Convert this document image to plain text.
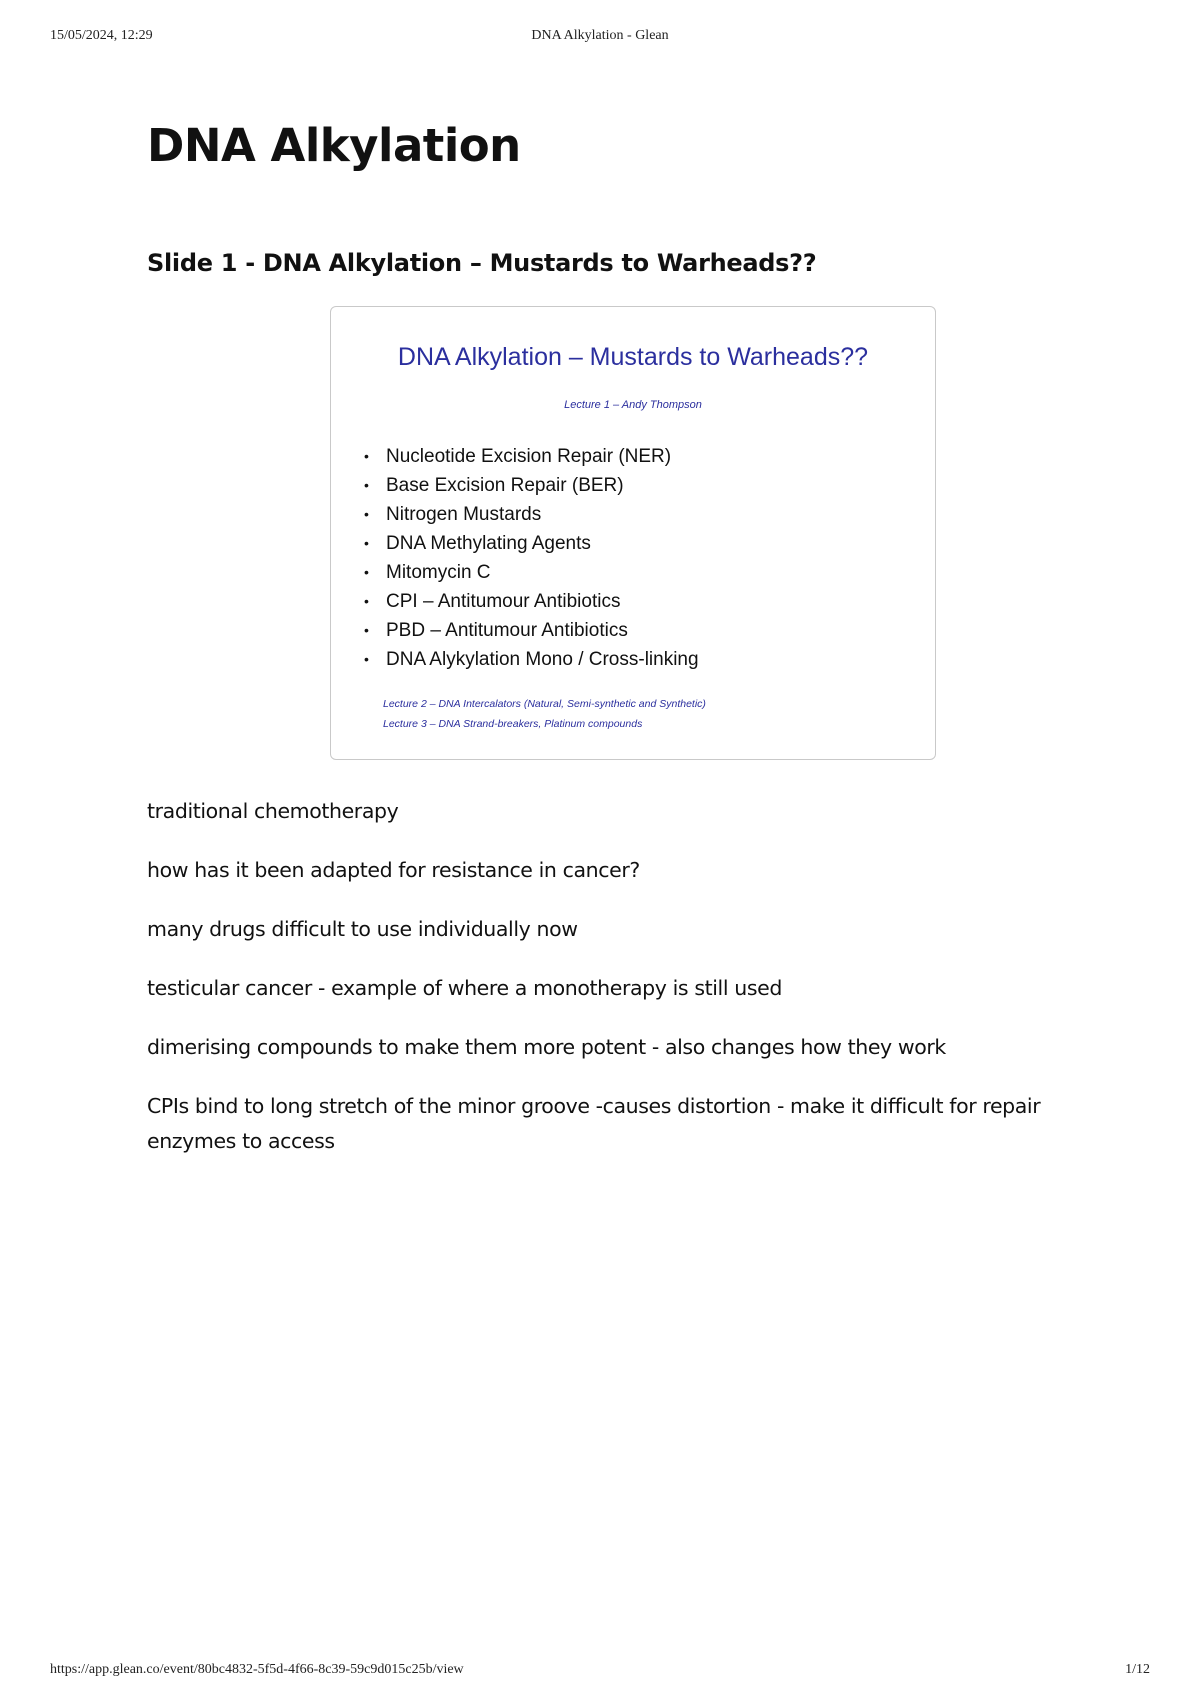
15/05/2024, 12:29	DNA Alkylation - Glean
DNA Alkylation
Slide 1 - DNA Alkylation – Mustards to Warheads??
DNA Alkylation – Mustards to Warheads??
Lecture 1 – Andy Thompson
• Nucleotide Excision Repair (NER)
• Base Excision Repair (BER)
• Nitrogen Mustards
• DNA Methylating Agents
• Mitomycin C
• CPI – Antitumour Antibiotics
• PBD – Antitumour Antibiotics
• DNA Alykylation Mono / Cross-linking
Lecture 2 – DNA Intercalators (Natural, Semi-synthetic and Synthetic)
Lecture 3 – DNA Strand-breakers, Platinum compounds

traditional chemotherapy

how has it been adapted for resistance in cancer?

many drugs difficult to use individually now

testicular cancer - example of where a monotherapy is still used

dimerising compounds to make them more potent - also changes how they work

CPIs bind to long stretch of the minor groove -causes distortion - make it difficult for repair enzymes to access

https://app.glean.co/event/80bc4832-5f5d-4f66-8c39-59c9d015c25b/view	1/12
